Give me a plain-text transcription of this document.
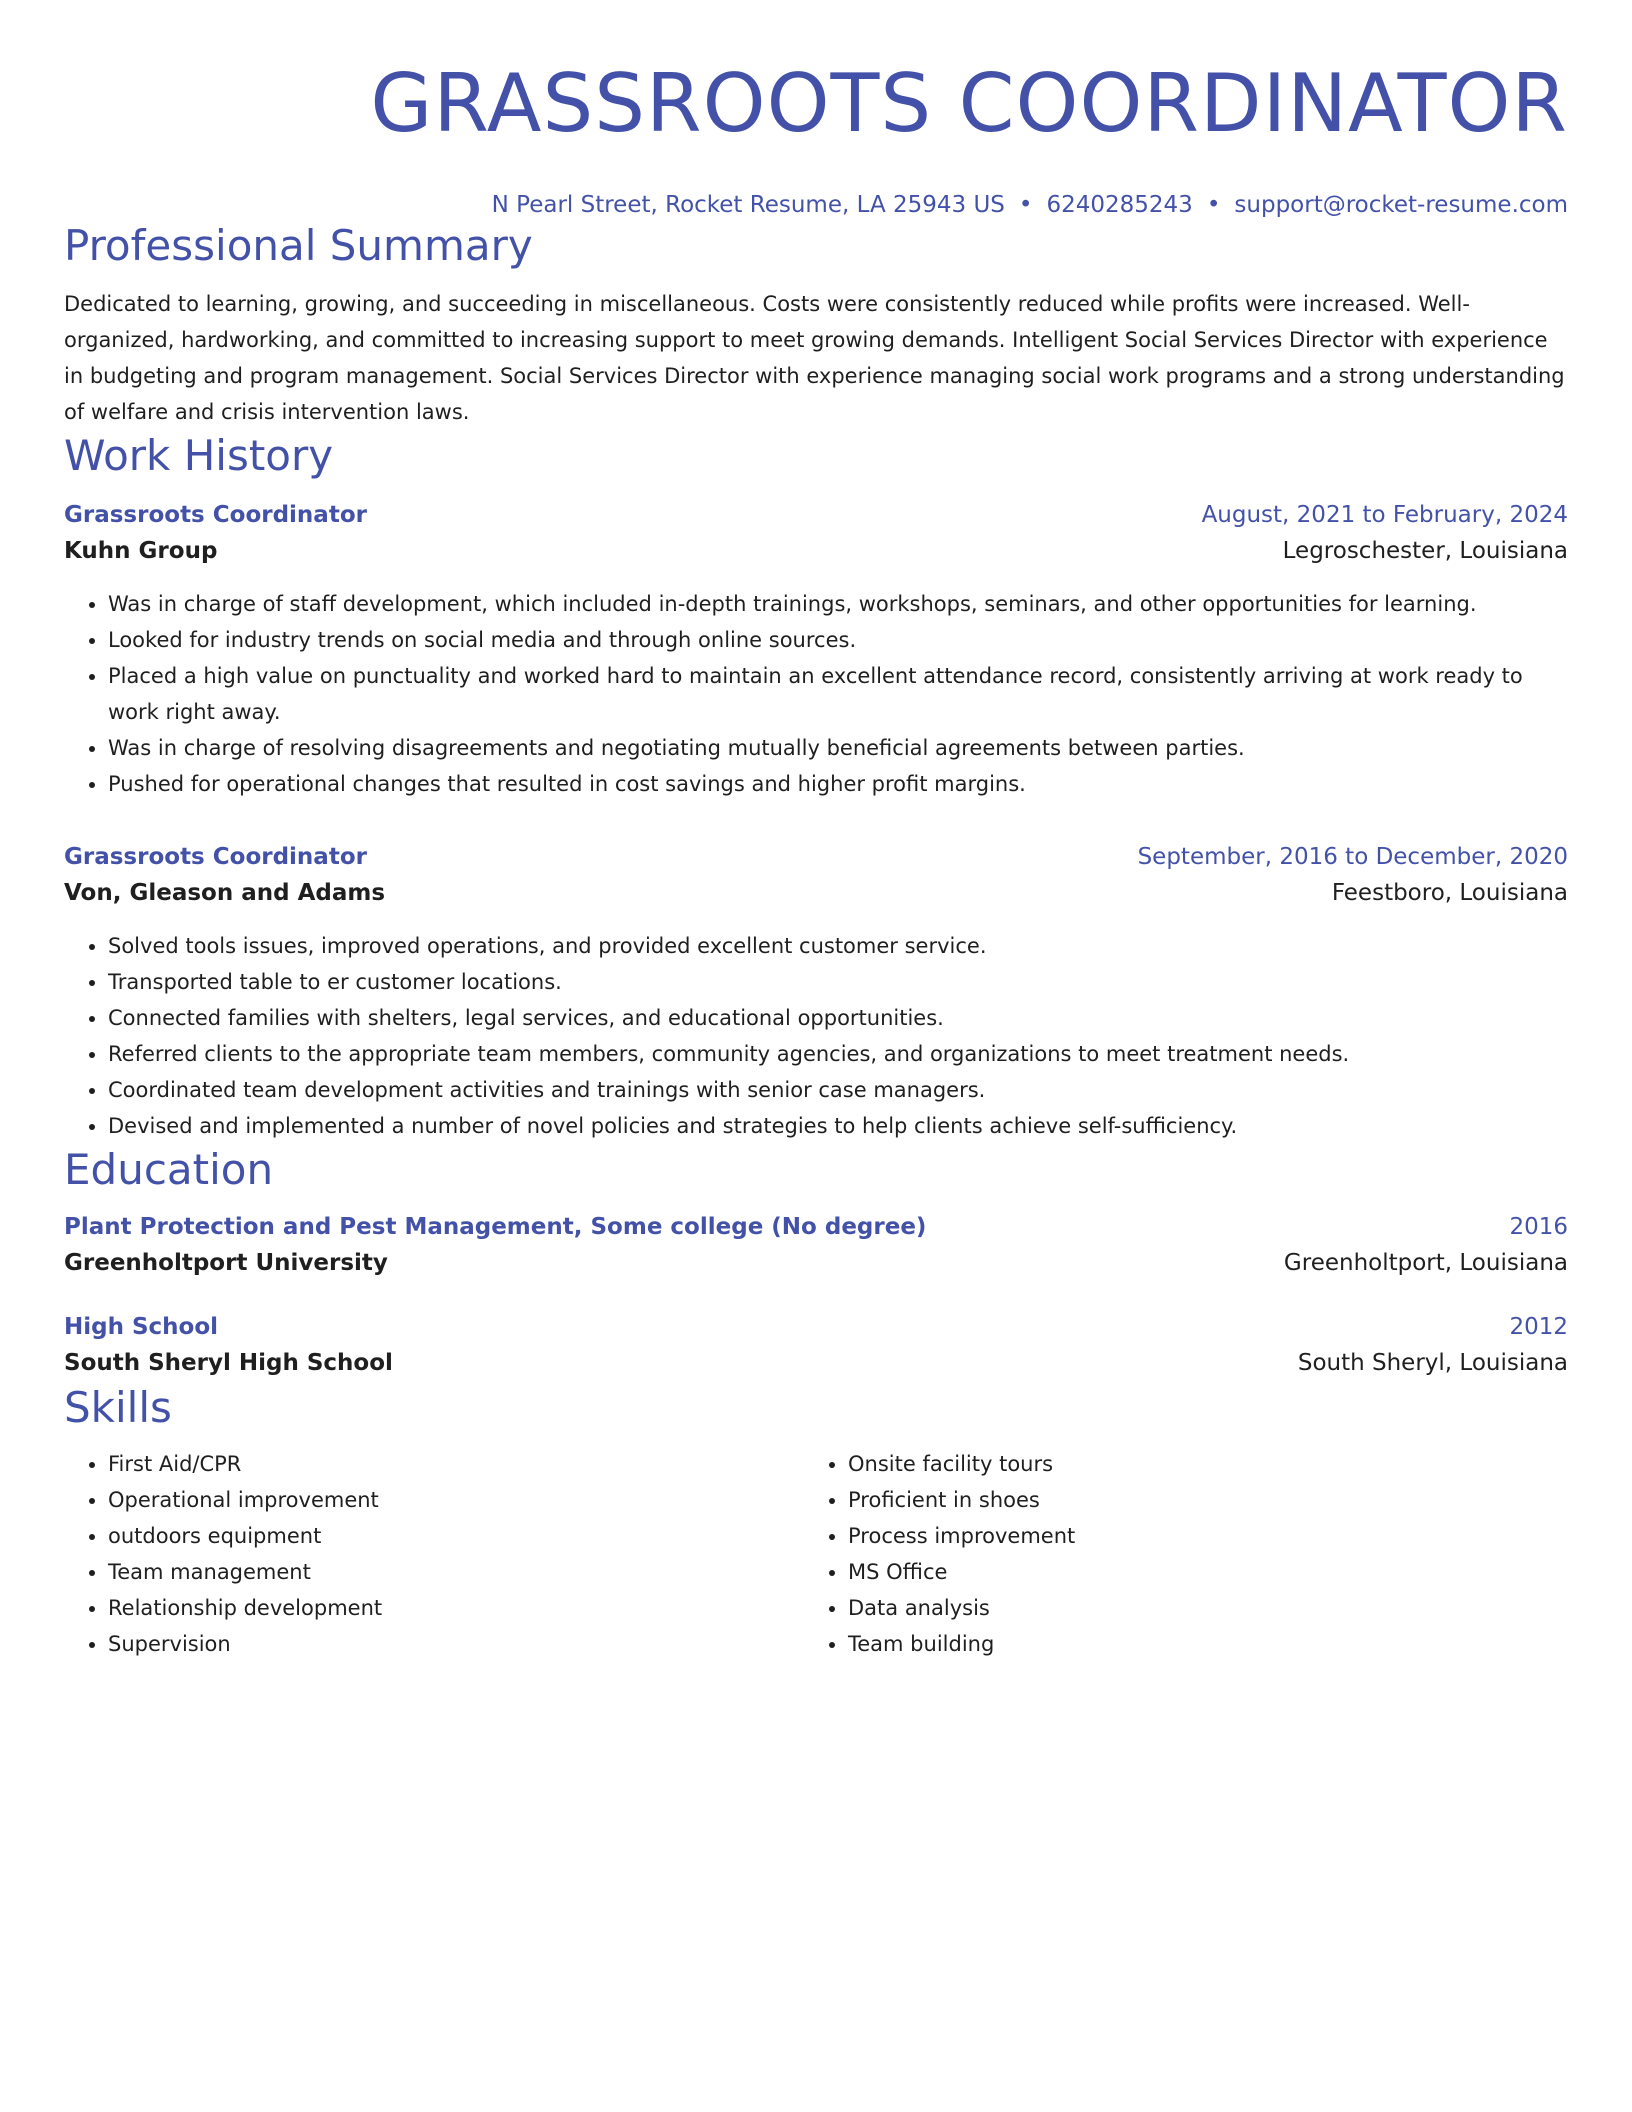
GRASSROOTS COORDINATOR
N Pearl Street, Rocket Resume, LA 25943 US • 6240285243 • support@rocket-resume.com
Professional Summary
Dedicated to learning, growing, and succeeding in miscellaneous. Costs were consistently reduced while profits were increased. Well-organized, hardworking, and committed to increasing support to meet growing demands. Intelligent Social Services Director with experience in budgeting and program management. Social Services Director with experience managing social work programs and a strong understanding of welfare and crisis intervention laws.
Work History
Grassroots Coordinator	August, 2021 to February, 2024
Kuhn Group	Legroschester, Louisiana
• Was in charge of staff development, which included in-depth trainings, workshops, seminars, and other opportunities for learning.
• Looked for industry trends on social media and through online sources.
• Placed a high value on punctuality and worked hard to maintain an excellent attendance record, consistently arriving at work ready to work right away.
• Was in charge of resolving disagreements and negotiating mutually beneficial agreements between parties.
• Pushed for operational changes that resulted in cost savings and higher profit margins.
Grassroots Coordinator	September, 2016 to December, 2020
Von, Gleason and Adams	Feestboro, Louisiana
• Solved tools issues, improved operations, and provided excellent customer service.
• Transported table to er customer locations.
• Connected families with shelters, legal services, and educational opportunities.
• Referred clients to the appropriate team members, community agencies, and organizations to meet treatment needs.
• Coordinated team development activities and trainings with senior case managers.
• Devised and implemented a number of novel policies and strategies to help clients achieve self-sufficiency.
Education
Plant Protection and Pest Management, Some college (No degree)	2016
Greenholtport University	Greenholtport, Louisiana
High School	2012
South Sheryl High School	South Sheryl, Louisiana
Skills
• First Aid/CPR
• Operational improvement
• outdoors equipment
• Team management
• Relationship development
• Supervision
• Onsite facility tours
• Proficient in shoes
• Process improvement
• MS Office
• Data analysis
• Team building
